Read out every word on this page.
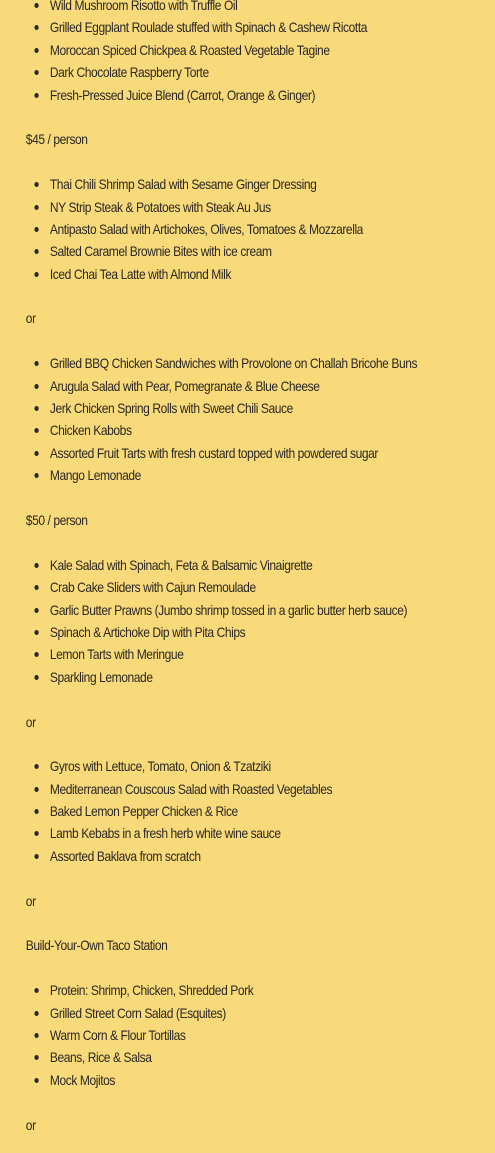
Wild Mushroom Risotto with Truffle Oil
Grilled Eggplant Roulade stuffed with Spinach & Cashew Ricotta
Moroccan Spiced Chickpea & Roasted Vegetable Tagine
Dark Chocolate Raspberry Torte
Fresh-Pressed Juice Blend (Carrot, Orange & Ginger)
$45 / person
Thai Chili Shrimp Salad with Sesame Ginger Dressing
NY Strip Steak & Potatoes with Steak Au Jus
Antipasto Salad with Artichokes, Olives, Tomatoes & Mozzarella
Salted Caramel Brownie Bites with ice cream
Iced Chai Tea Latte with Almond Milk
or
Grilled BBQ Chicken Sandwiches with Provolone on Challah Bricohe Buns
Arugula Salad with Pear, Pomegranate & Blue Cheese
Jerk Chicken Spring Rolls with Sweet Chili Sauce
Chicken Kabobs
Assorted Fruit Tarts with fresh custard topped with powdered sugar
Mango Lemonade
$50 / person
Kale Salad with Spinach, Feta & Balsamic Vinaigrette
Crab Cake Sliders with Cajun Remoulade
Garlic Butter Prawns (Jumbo shrimp tossed in a garlic butter herb sauce)
Spinach & Artichoke Dip with Pita Chips
Lemon Tarts with Meringue
Sparkling Lemonade
or
Gyros with Lettuce, Tomato, Onion & Tzatziki
Mediterranean Couscous Salad with Roasted Vegetables
Baked Lemon Pepper Chicken & Rice
Lamb Kebabs in a fresh herb white wine sauce
Assorted Baklava from scratch
or
Build-Your-Own Taco Station
Protein: Shrimp, Chicken, Shredded Pork
Grilled Street Corn Salad (Esquites)
Warm Corn & Flour Tortillas
Beans, Rice & Salsa
Mock Mojitos
or
